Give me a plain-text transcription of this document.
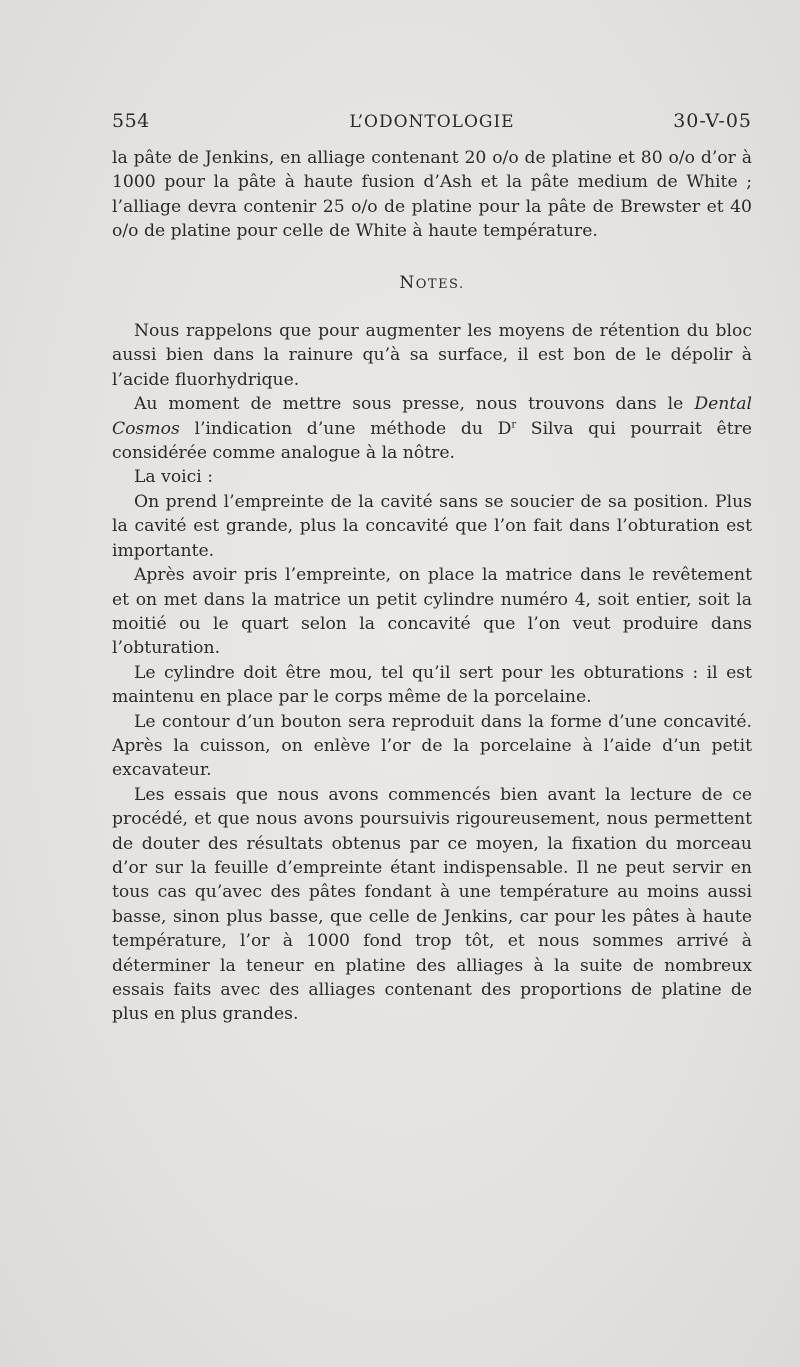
554	L’ODONTOLOGIE	30-V-05

la pâte de Jenkins, en alliage contenant 20 o/o de platine et 80 o/o d’or à 1000 pour la pâte à haute fusion d’Ash et la pâte medium de White ; l’alliage devra contenir 25 o/o de platine pour la pâte de Brewster et 40 o/o de platine pour celle de White à haute température.

NOTES.

Nous rappelons que pour augmenter les moyens de rétention du bloc aussi bien dans la rainure qu’à sa surface, il est bon de le dépolir à l’acide fluorhydrique.

Au moment de mettre sous presse, nous trouvons dans le Dental Cosmos l’indication d’une méthode du $D^r$ Silva qui pourrait être considérée comme analogue à la nôtre.

La voici :

On prend l’empreinte de la cavité sans se soucier de sa position. Plus la cavité est grande, plus la concavité que l’on fait dans l’obturation est importante.

Après avoir pris l’empreinte, on place la matrice dans le revêtement et on met dans la matrice un petit cylindre numéro 4, soit entier, soit la moitié ou le quart selon la concavité que l’on veut produire dans l’obturation.

Le cylindre doit être mou, tel qu’il sert pour les obturations : il est maintenu en place par le corps même de la porcelaine.

Le contour d’un bouton sera reproduit dans la forme d’une concavité. Après la cuisson, on enlève l’or de la porcelaine à l’aide d’un petit excavateur.

Les essais que nous avons commencés bien avant la lecture de ce procédé, et que nous avons poursuivis rigoureusement, nous permettent de douter des résultats obtenus par ce moyen, la fixation du morceau d’or sur la feuille d’empreinte étant indispensable. Il ne peut servir en tous cas qu’avec des pâtes fondant à une température au moins aussi basse, sinon plus basse, que celle de Jenkins, car pour les pâtes à haute température, l’or à 1000 fond trop tôt, et nous sommes arrivé à déterminer la teneur en platine des alliages à la suite de nombreux essais faits avec des alliages contenant des proportions de platine de plus en plus grandes.
